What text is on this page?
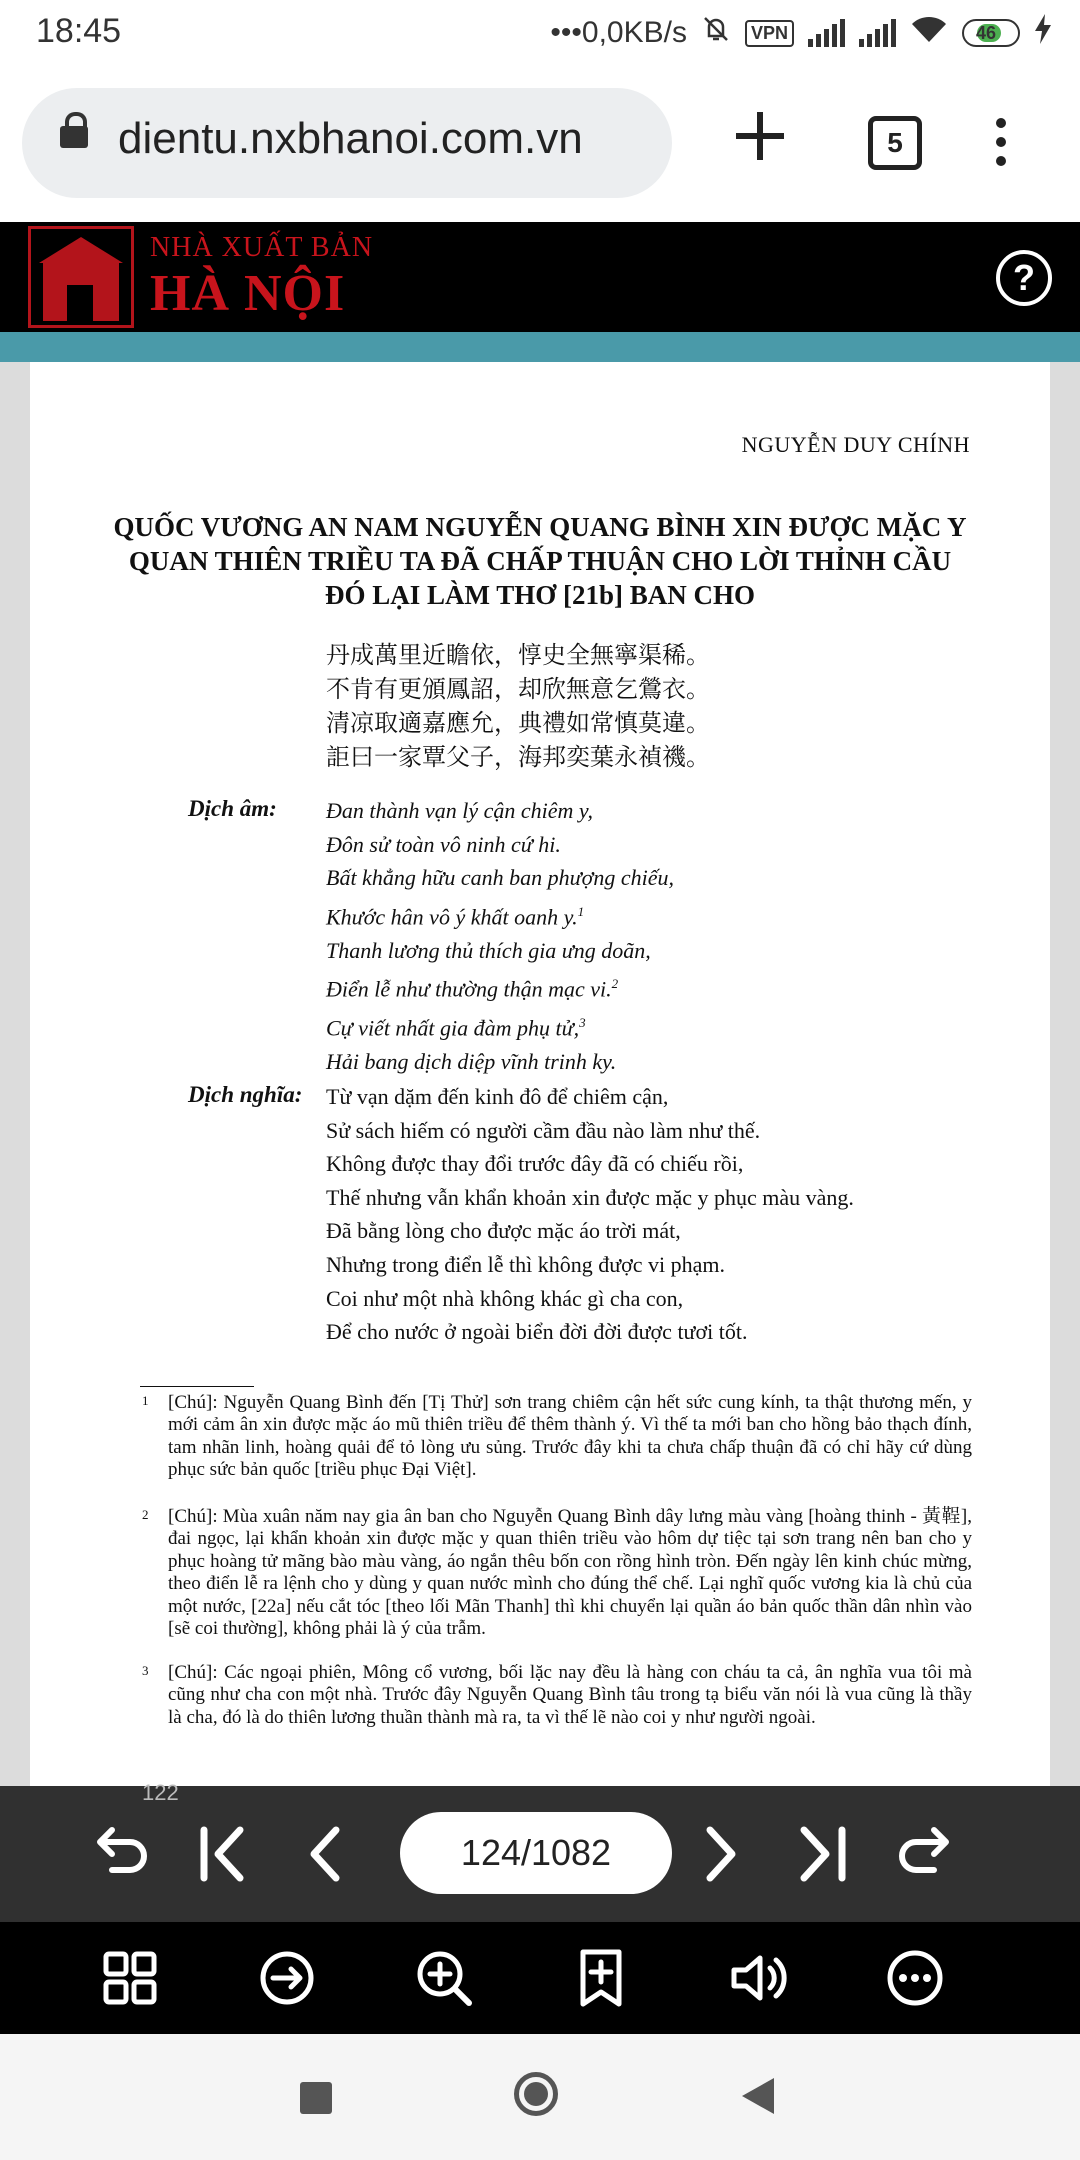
18:45	•••0,0KB/s	VPN	46
dientu.nxbhanoi.com.vn	5
NHÀ XUẤT BẢN
HÀ NỘI	?
NGUYỄN DUY CHÍNH
QUỐC VƯƠNG AN NAM NGUYỄN QUANG BÌNH XIN ĐƯỢC MẶC Y QUAN THIÊN TRIỀU TA ĐÃ CHẤP THUẬN CHO LỜI THỈNH CẦU ĐÓ LẠI LÀM THƠ [21b] BAN CHO
丹成萬里近瞻依，惇史全無寧渠稀。
不肯有更頒鳳詔，却欣無意乞鶯衣。
清凉取適嘉應允，典禮如常慎莫違。
詎曰一家覃父子，海邦奕葉永禎禨。
Dịch âm: Đan thành vạn lý cận chiêm y,
Đôn sử toàn vô ninh cứ hi.
Bất khẳng hữu canh ban phượng chiếu,
Khước hân vô ý khất oanh y.$^1$
Thanh lương thủ thích gia ưng doãn,
Điển lễ như thường thận mạc vi.$^2$
Cự viết nhất gia đàm phụ tử,$^3$
Hải bang dịch diệp vĩnh trinh ky.
Dịch nghĩa: Từ vạn dặm đến kinh đô để chiêm cận,
Sử sách hiếm có người cầm đầu nào làm như thế.
Không được thay đổi trước đây đã có chiếu rồi,
Thế nhưng vẫn khẩn khoản xin được mặc y phục màu vàng.
Đã bằng lòng cho được mặc áo trời mát,
Nhưng trong điển lễ thì không được vi phạm.
Coi như một nhà không khác gì cha con,
Để cho nước ở ngoài biển đời đời được tươi tốt.
1 [Chú]: Nguyễn Quang Bình đến [Tị Thử] sơn trang chiêm cận hết sức cung kính, ta thật thương mến, y mới cảm ân xin được mặc áo mũ thiên triều để thêm thành ý. Vì thế ta mới ban cho hồng bảo thạch đính, tam nhãn linh, hoàng quải để tỏ lòng ưu sủng. Trước đây khi ta chưa chấp thuận đã có chỉ hãy cứ dùng phục sức bản quốc [triều phục Đại Việt].
2 [Chú]: Mùa xuân năm nay gia ân ban cho Nguyễn Quang Bình dây lưng màu vàng [hoàng thinh - 黃鞓], đai ngọc, lại khẩn khoản xin được mặc y quan thiên triều vào hôm dự tiệc tại sơn trang nên ban cho y phục hoàng tử mãng bào màu vàng, áo ngắn thêu bốn con rồng hình tròn. Đến ngày lên kinh chúc mừng, theo điển lễ ra lệnh cho y dùng y quan nước mình cho đúng thể chế. Lại nghĩ quốc vương kia là chủ của một nước, [22a] nếu cắt tóc [theo lối Mãn Thanh] thì khi chuyển lại quần áo bản quốc thần dân nhìn vào [sẽ coi thường], không phải là ý của trẫm.
3 [Chú]: Các ngoại phiên, Mông cổ vương, bối lặc nay đều là hàng con cháu ta cả, ân nghĩa vua tôi mà cũng như cha con một nhà. Trước đây Nguyễn Quang Bình tâu trong tạ biểu văn nói là vua cũng là thầy là cha, đó là do thiên lương thuần thành mà ra, ta vì thế lẽ nào coi y như người ngoài.
122
124/1082
